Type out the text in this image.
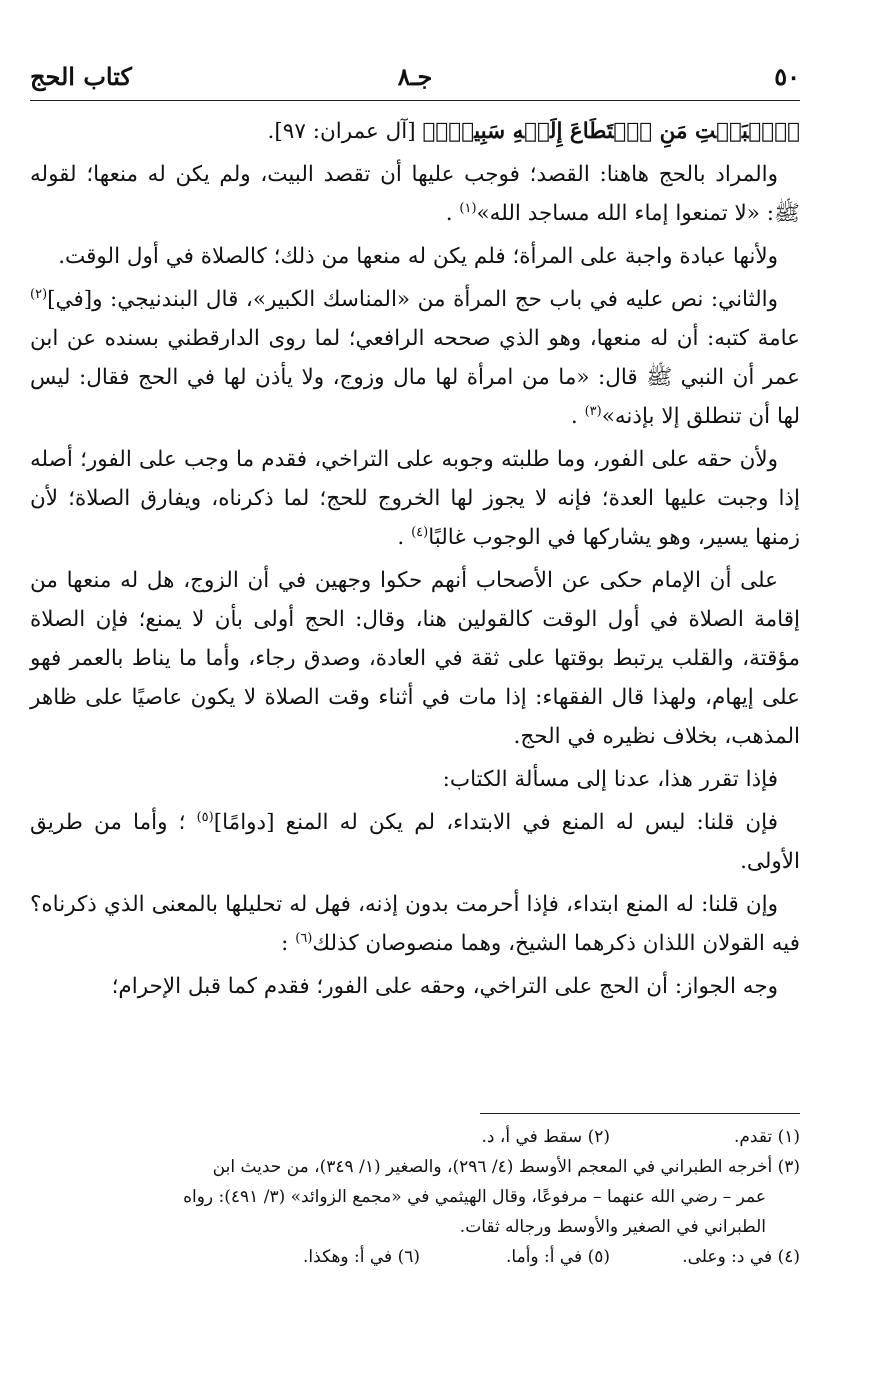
٥٠
جـ٨
كتاب الحج

﴿ٱلۡبَيۡتِ مَنِ ٱسۡتَطَاعَ إِلَيۡهِ سَبِيلاۚ﴾ [آل عمران: ٩٧].

والمراد بالحج هاهنا: القصد؛ فوجب عليها أن تقصد البيت، ولم يكن له منعها؛ لقوله ﷺ: «لا تمنعوا إماء الله مساجد الله»$^{(١)}$ .

ولأنها عبادة واجبة على المرأة؛ فلم يكن له منعها من ذلك؛ كالصلاة في أول الوقت.

والثاني: نص عليه في باب حج المرأة من «المناسك الكبير»، قال البندنيجي: و[في]$^{(٢)}$ عامة كتبه: أن له منعها، وهو الذي صححه الرافعي؛ لما روى الدارقطني بسنده عن ابن عمر أن النبي ﷺ قال: «ما من امرأة لها مال وزوج، ولا يأذن لها في الحج فقال: ليس لها أن تنطلق إلا بإذنه»$^{(٣)}$ .

ولأن حقه على الفور، وما طلبته وجوبه على التراخي، فقدم ما وجب على الفور؛ أصله إذا وجبت عليها العدة؛ فإنه لا يجوز لها الخروج للحج؛ لما ذكرناه، ويفارق الصلاة؛ لأن زمنها يسير، وهو يشاركها في الوجوب غالبًا$^{(٤)}$ .

على أن الإمام حكى عن الأصحاب أنهم حكوا وجهين في أن الزوج، هل له منعها من إقامة الصلاة في أول الوقت كالقولين هنا، وقال: الحج أولى بأن لا يمنع؛ فإن الصلاة مؤقتة، والقلب يرتبط بوقتها على ثقة في العادة، وصدق رجاء، وأما ما يناط بالعمر فهو على إيهام، ولهذا قال الفقهاء: إذا مات في أثناء وقت الصلاة لا يكون عاصيًا على ظاهر المذهب، بخلاف نظيره في الحج.

فإذا تقرر هذا، عدنا إلى مسألة الكتاب:

فإن قلنا: ليس له المنع في الابتداء، لم يكن له المنع [دوامًا]$^{(٥)}$ ؛ وأما من طريق الأولى.

وإن قلنا: له المنع ابتداء، فإذا أحرمت بدون إذنه، فهل له تحليلها بالمعنى الذي ذكرناه؟ فيه القولان اللذان ذكرهما الشيخ، وهما منصوصان كذلك$^{(٦)}$ :

وجه الجواز: أن الحج على التراخي، وحقه على الفور؛ فقدم كما قبل الإحرام؛

(١) تقدم.
(٢) سقط في أ، د.

(٣) أخرجه الطبراني في المعجم الأوسط (٤/ ٢٩٦)، والصغير (١/ ٣٤٩)، من حديث ابن

عمر – رضي الله عنهما – مرفوعًا، وقال الهيثمي في «مجمع الزوائد» (٣/ ٤٩١): رواه

الطبراني في الصغير والأوسط ورجاله ثقات.

(٤) في د: وعلى.
(٥) في أ: وأما.
(٦) في أ: وهكذا.
